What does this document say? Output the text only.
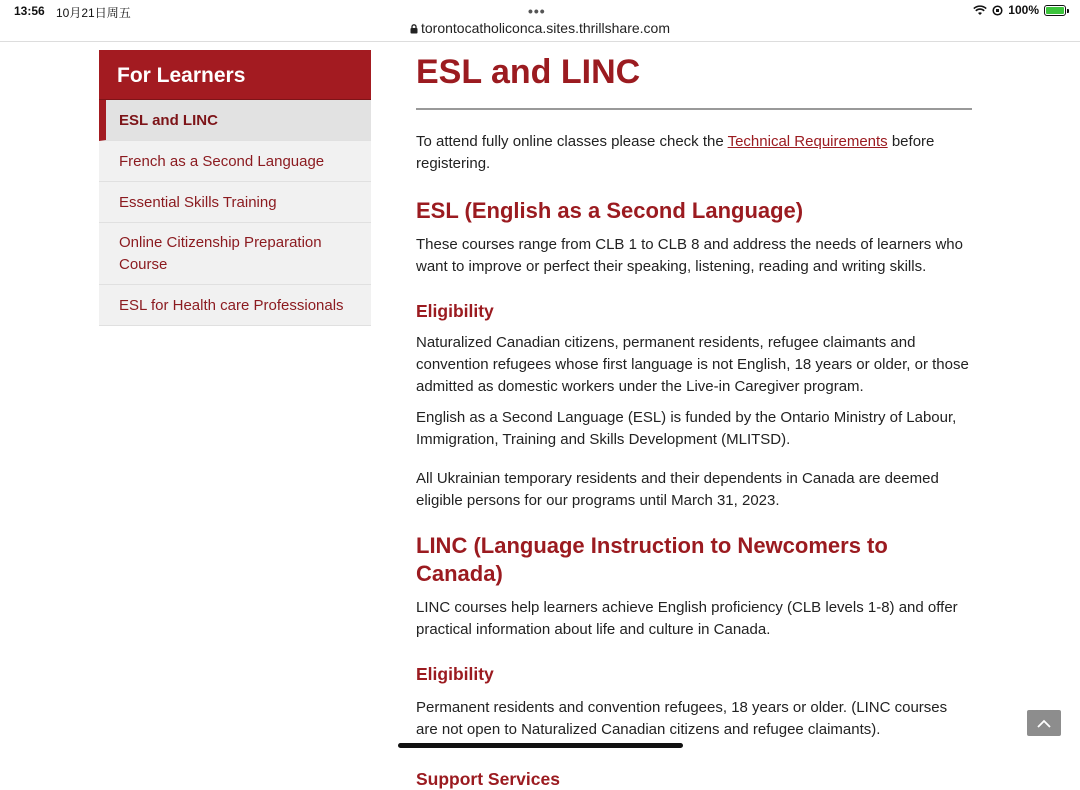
13:56 10月21日周五	•••	100%
torontocatholiconca.sites.thrillshare.com
For Learners
ESL and LINC
French as a Second Language
Essential Skills Training
Online Citizenship Preparation Course
ESL for Health care Professionals
ESL and LINC

To attend fully online classes please check the Technical Requirements before registering.

ESL (English as a Second Language)

These courses range from CLB 1 to CLB 8 and address the needs of learners who want to improve or perfect their speaking, listening, reading and writing skills.

Eligibility

Naturalized Canadian citizens, permanent residents, refugee claimants and convention refugees whose first language is not English, 18 years or older, or those admitted as domestic workers under the Live-in Caregiver program.

English as a Second Language (ESL) is funded by the Ontario Ministry of Labour, Immigration, Training and Skills Development (MLITSD).

All Ukrainian temporary residents and their dependents in Canada are deemed eligible persons for our programs until March 31, 2023.

LINC (Language Instruction to Newcomers to Canada)

LINC courses help learners achieve English proficiency (CLB levels 1-8) and offer practical information about life and culture in Canada.

Eligibility

Permanent residents and convention refugees, 18 years or older. (LINC courses are not open to Naturalized Canadian citizens and refugee claimants).

Support Services
